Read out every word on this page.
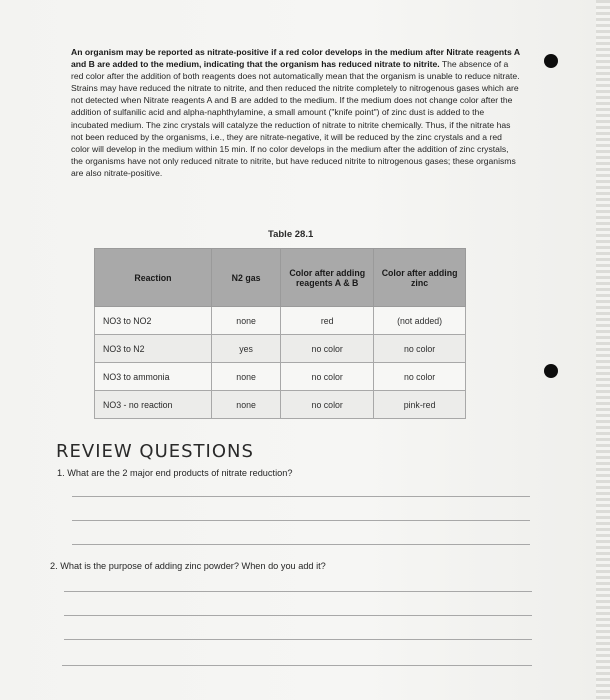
An organism may be reported as nitrate-positive if a red color develops in the medium after Nitrate reagents A and B are added to the medium, indicating that the organism has reduced nitrate to nitrite. The absence of a red color after the addition of both reagents does not automatically mean that the organism is unable to reduce nitrate. Strains may have reduced the nitrate to nitrite, and then reduced the nitrite completely to nitrogenous gases which are not detected when Nitrate reagents A and B are added to the medium. If the medium does not change color after the addition of sulfanilic acid and alpha-naphthylamine, a small amount ("knife point") of zinc dust is added to the incubated medium. The zinc crystals will catalyze the reduction of nitrate to nitrite chemically. Thus, if the nitrate has not been reduced by the organisms, i.e., they are nitrate-negative, it will be reduced by the zinc crystals and a red color will develop in the medium within 15 min. If no color develops in the medium after the addition of zinc crystals, the organisms have not only reduced nitrate to nitrite, but have reduced nitrite to nitrogenous gases; these organisms are also nitrate-positive.
Table 28.1
Reaction	N2 gas	Color after adding reagents A & B	Color after adding zinc
NO3 to NO2	none	red	(not added)
NO3 to N2	yes	no color	no color
NO3 to ammonia	none	no color	no color
NO3 - no reaction	none	no color	pink-red
REVIEW QUESTIONS
1. What are the 2 major end products of nitrate reduction?
2. What is the purpose of adding zinc powder? When do you add it?
